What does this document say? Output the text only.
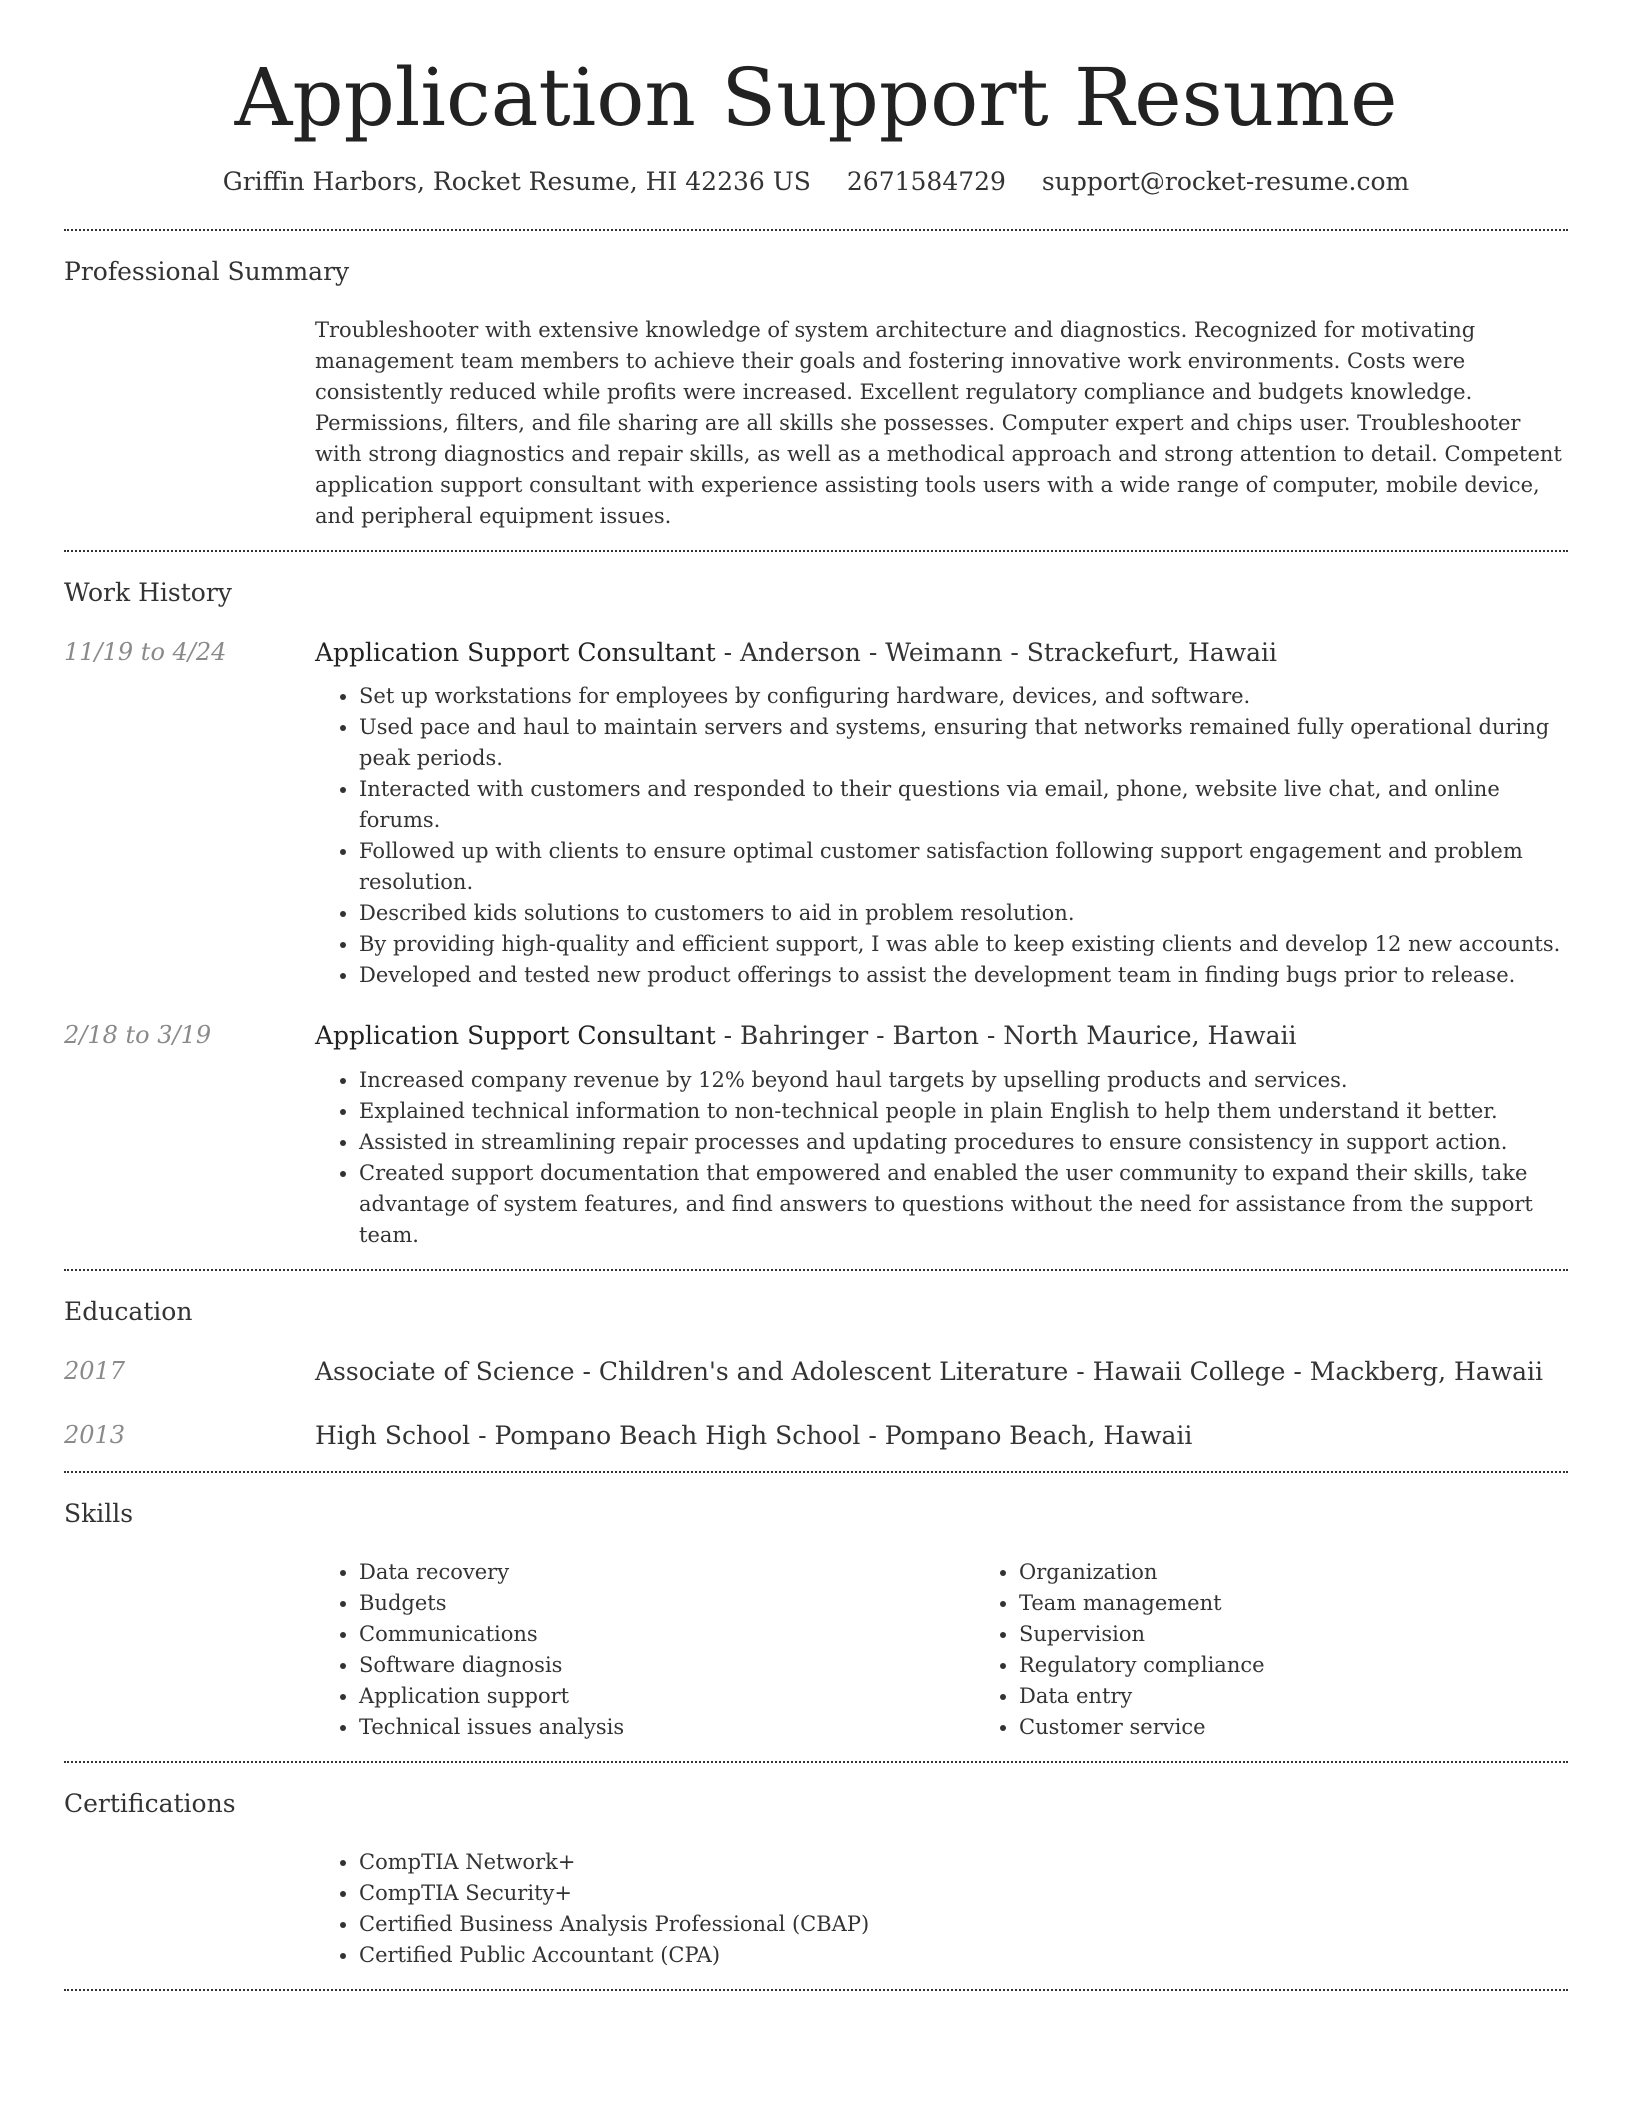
Application Support Resume
Griffin Harbors, Rocket Resume, HI 42236 US 2671584729 support@rocket-resume.com
Professional Summary

Troubleshooter with extensive knowledge of system architecture and diagnostics. Recognized for motivating management team members to achieve their goals and fostering innovative work environments. Costs were consistently reduced while profits were increased. Excellent regulatory compliance and budgets knowledge. Permissions, filters, and file sharing are all skills she possesses. Computer expert and chips user. Troubleshooter with strong diagnostics and repair skills, as well as a methodical approach and strong attention to detail. Competent application support consultant with experience assisting tools users with a wide range of computer, mobile device, and peripheral equipment issues.

Work History
11/19 to 4/24	Application Support Consultant - Anderson - Weimann - Strackefurt, Hawaii
• Set up workstations for employees by configuring hardware, devices, and software.
• Used pace and haul to maintain servers and systems, ensuring that networks remained fully operational during peak periods.
• Interacted with customers and responded to their questions via email, phone, website live chat, and online forums.
• Followed up with clients to ensure optimal customer satisfaction following support engagement and problem resolution.
• Described kids solutions to customers to aid in problem resolution.
• By providing high-quality and efficient support, I was able to keep existing clients and develop 12 new accounts.
• Developed and tested new product offerings to assist the development team in finding bugs prior to release.
2/18 to 3/19	Application Support Consultant - Bahringer - Barton - North Maurice, Hawaii
• Increased company revenue by 12% beyond haul targets by upselling products and services.
• Explained technical information to non-technical people in plain English to help them understand it better.
• Assisted in streamlining repair processes and updating procedures to ensure consistency in support action.
• Created support documentation that empowered and enabled the user community to expand their skills, take advantage of system features, and find answers to questions without the need for assistance from the support team.
Education
2017	Associate of Science - Children's and Adolescent Literature - Hawaii College - Mackberg, Hawaii
2013	High School - Pompano Beach High School - Pompano Beach, Hawaii
Skills
• Data recovery
• Budgets
• Communications
• Software diagnosis
• Application support
• Technical issues analysis
• Organization
• Team management
• Supervision
• Regulatory compliance
• Data entry
• Customer service
Certifications
• CompTIA Network+
• CompTIA Security+
• Certified Business Analysis Professional (CBAP)
• Certified Public Accountant (CPA)
